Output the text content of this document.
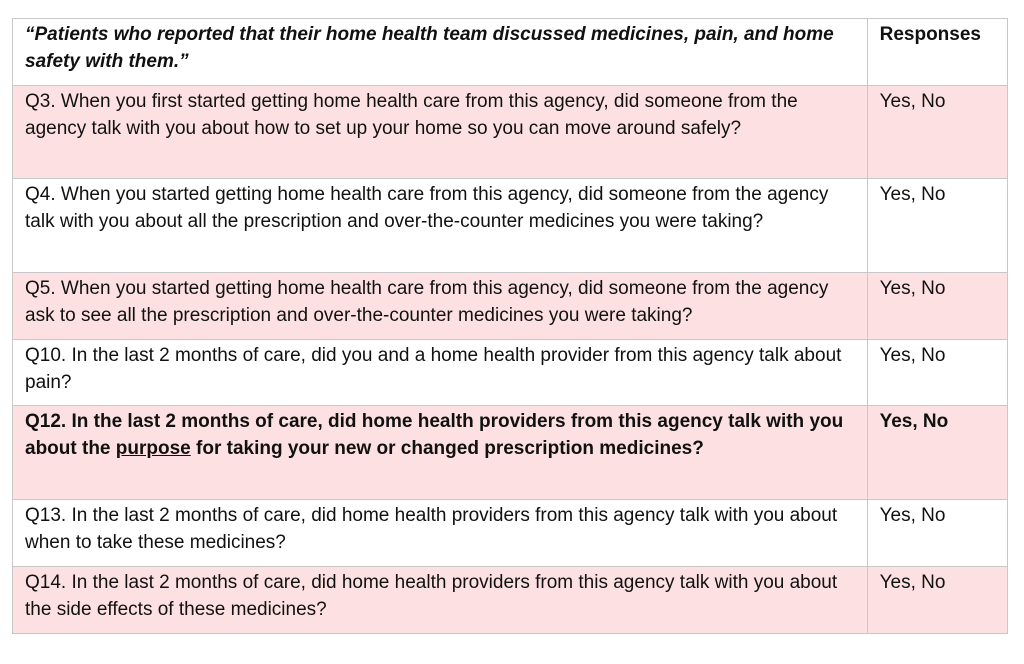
“Patients who reported that their home health team discussed medicines, pain, and home safety with them.”	Responses
Q3. When you first started getting home health care from this agency, did someone from the agency talk with you about how to set up your home so you can move around safely?	Yes, No
Q4. When you started getting home health care from this agency, did someone from the agency talk with you about all the prescription and over-the-counter medicines you were taking?	Yes, No
Q5. When you started getting home health care from this agency, did someone from the agency ask to see all the prescription and over-the-counter medicines you were taking?	Yes, No
Q10. In the last 2 months of care, did you and a home health provider from this agency talk about pain?	Yes, No
Q12. In the last 2 months of care, did home health providers from this agency talk with you about the purpose for taking your new or changed prescription medicines?	Yes, No
Q13. In the last 2 months of care, did home health providers from this agency talk with you about when to take these medicines?	Yes, No
Q14. In the last 2 months of care, did home health providers from this agency talk with you about the side effects of these medicines?	Yes, No
